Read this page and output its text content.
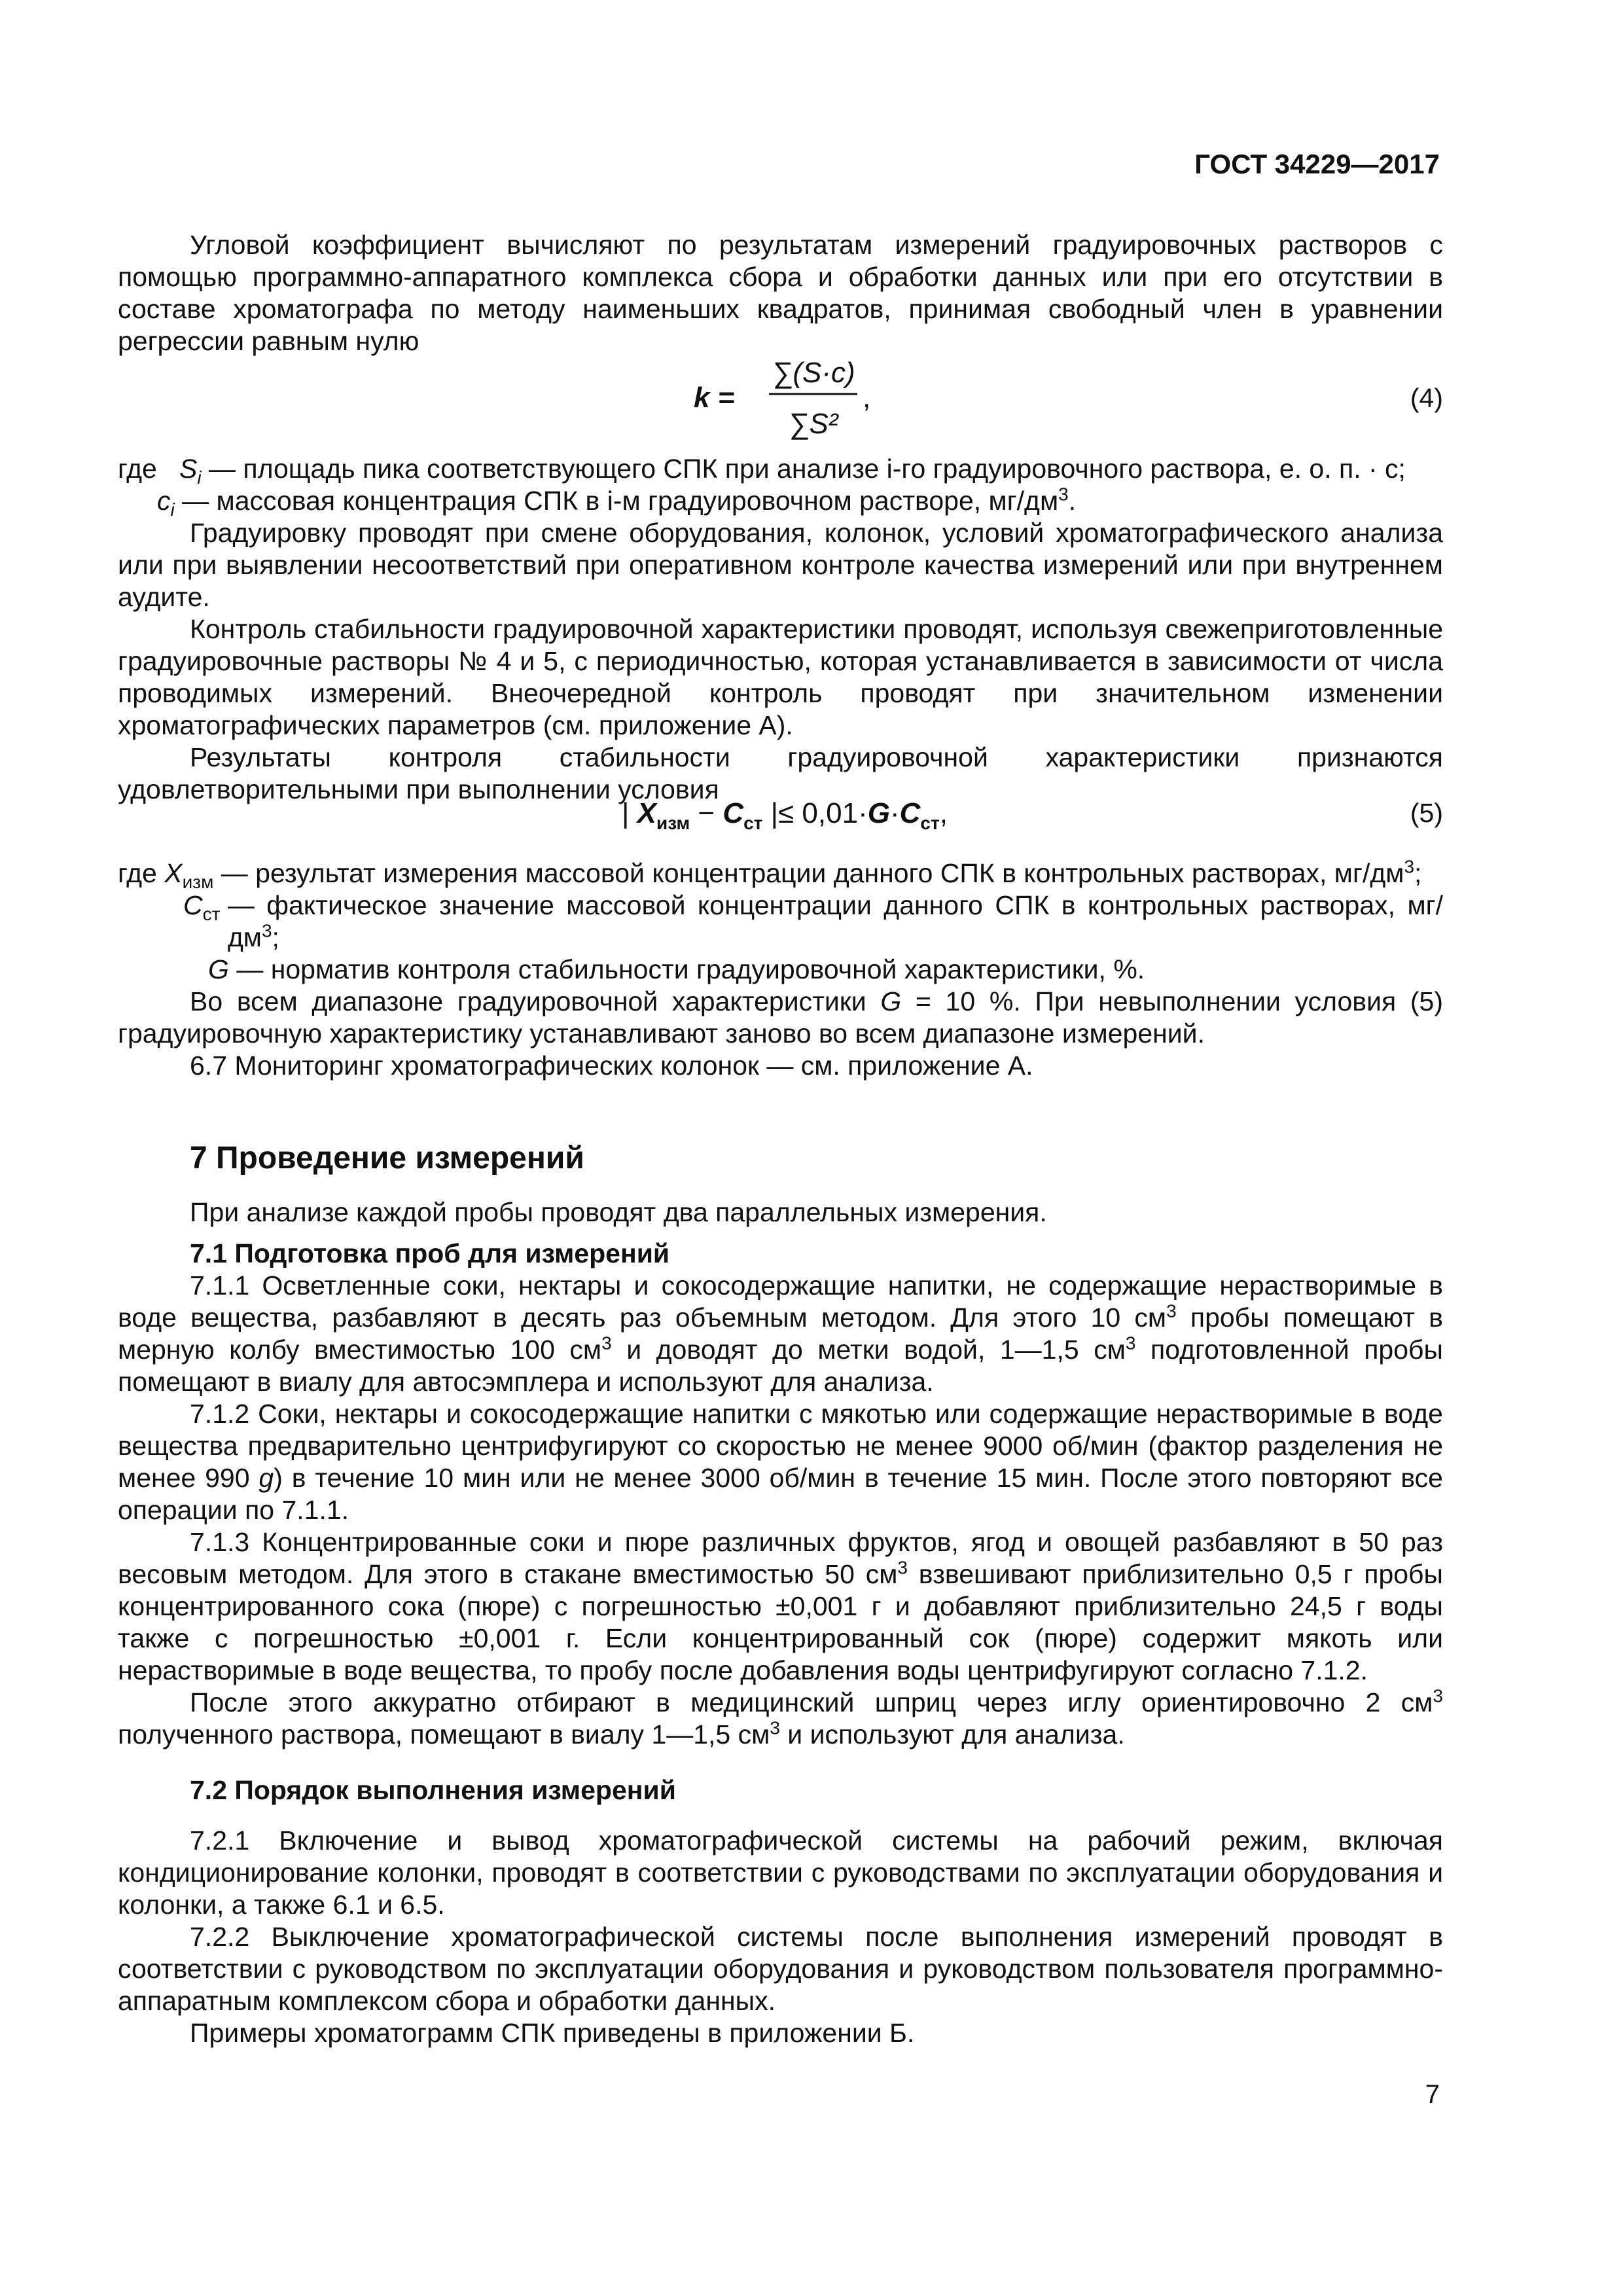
ГОСТ 34229—2017

Угловой коэффициент вычисляют по результатам измерений градуировочных растворов с помощью программно-аппаратного комплекса сбора и обработки данных или при его отсутствии в составе хроматографа по методу наименьших квадратов, принимая свободный член в уравнении регрессии равным нулю

k =
∑(S·c)
∑S²
,	(4)
где $S_i$ — площадь пика соответствующего СПК при анализе i-го градуировочного раствора, е. о. п. · с;
$c_i$ — массовая концентрация СПК в i-м градуировочном растворе, $мг/дм^3$.

Градуировку проводят при смене оборудования, колонок, условий хроматографического анализа или при выявлении несоответствий при оперативном контроле качества измерений или при внутреннем аудите.

Контроль стабильности градуировочной характеристики проводят, используя свежеприготовленные градуировочные растворы № 4 и 5, с периодичностью, которая устанавливается в зависимости от числа проводимых измерений. Внеочередной контроль проводят при значительном изменении хроматографических параметров (см. приложение А).

Результаты контроля стабильности градуировочной характеристики признаются удовлетворительными при выполнении условия

| $X_{изм} - C_{ст}$ |≤ $0,01\cdot G\cdot C_{ст}$,	(5)
где $X_{изм}$ — результат измерения массовой концентрации данного СПК в контрольных растворах, $мг/дм^3$;
$C_{ст}$ — фактическое значение массовой концентрации данного СПК в контрольных растворах, $мг/дм^3$;
G — норматив контроля стабильности градуировочной характеристики, %.

Во всем диапазоне градуировочной характеристики G = 10 %. При невыполнении условия (5) градуировочную характеристику устанавливают заново во всем диапазоне измерений.

6.7 Мониторинг хроматографических колонок — см. приложение А.

7 Проведение измерений

При анализе каждой пробы проводят два параллельных измерения.

7.1 Подготовка проб для измерений

7.1.1 Осветленные соки, нектары и сокосодержащие напитки, не содержащие нерастворимые в воде вещества, разбавляют в десять раз объемным методом. Для этого 10 $см^3$ пробы помещают в мерную колбу вместимостью 100 $см^3$ и доводят до метки водой, 1—1,5 $см^3$ подготовленной пробы помещают в виалу для автосэмплера и используют для анализа.

7.1.2 Соки, нектары и сокосодержащие напитки с мякотью или содержащие нерастворимые в воде вещества предварительно центрифугируют со скоростью не менее 9000 об/мин (фактор разделения не менее 990 g) в течение 10 мин или не менее 3000 об/мин в течение 15 мин. После этого повторяют все операции по 7.1.1.

7.1.3 Концентрированные соки и пюре различных фруктов, ягод и овощей разбавляют в 50 раз весовым методом. Для этого в стакане вместимостью 50 $см^3$ взвешивают приблизительно 0,5 г пробы концентрированного сока (пюре) с погрешностью ±0,001 г и добавляют приблизительно 24,5 г воды также с погрешностью ±0,001 г. Если концентрированный сок (пюре) содержит мякоть или нерастворимые в воде вещества, то пробу после добавления воды центрифугируют согласно 7.1.2.

После этого аккуратно отбирают в медицинский шприц через иглу ориентировочно 2 $см^3$ полученного раствора, помещают в виалу 1—1,5 $см^3$ и используют для анализа.

7.2 Порядок выполнения измерений

7.2.1 Включение и вывод хроматографической системы на рабочий режим, включая кондиционирование колонки, проводят в соответствии с руководствами по эксплуатации оборудования и колонки, а также 6.1 и 6.5.

7.2.2 Выключение хроматографической системы после выполнения измерений проводят в соответствии с руководством по эксплуатации оборудования и руководством пользователя программно-аппаратным комплексом сбора и обработки данных.

Примеры хроматограмм СПК приведены в приложении Б.

7
